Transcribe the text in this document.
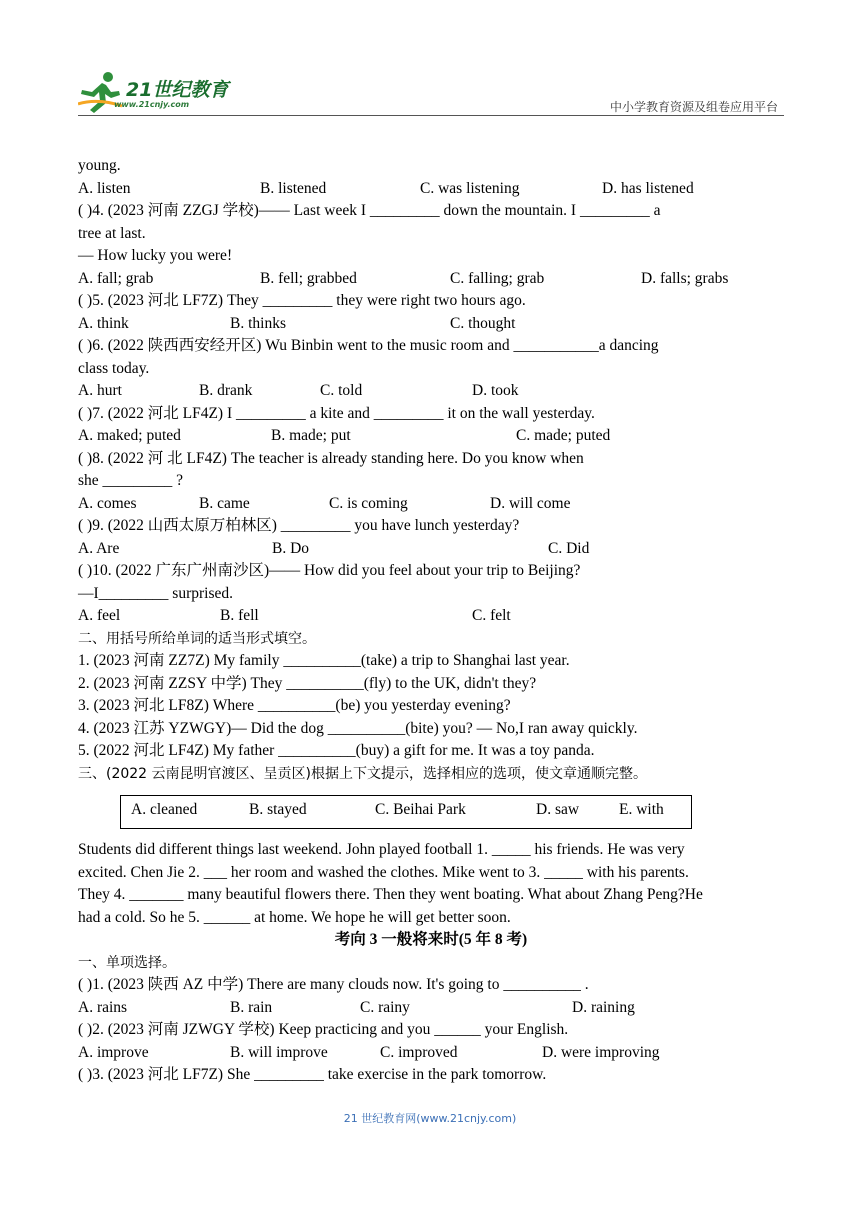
21世纪教育
www.21cnjy.com	中小学教育资源及组卷应用平台
young.
A. listen	B. listened	C. was listening	D. has listened
( )4. (2023 河南 ZZGJ 学校)—— Last week I _________ down the mountain. I _________ a
tree at last.
— How lucky you were!
A. fall; grab	B. fell; grabbed	C. falling; grab	D. falls; grabs
( )5. (2023 河北 LF7Z) They _________ they were right two hours ago.
A. think	B. thinks	C. thought
( )6. (2022 陕西西安经开区) Wu Binbin went to the music room and ___________a dancing
class today.
A. hurt	B. drank	C. told	D. took
( )7. (2022 河北 LF4Z) I _________ a kite and _________ it on the wall yesterday.
A. maked; puted	B. made; put	C. made; puted
( )8. (2022 河 北 LF4Z) The teacher is already standing here. Do you know when
she _________ ?
A. comes	B. came	C. is coming	D. will come
( )9. (2022 山西太原万柏林区) _________ you have lunch yesterday?
A. Are	B. Do	C. Did
( )10. (2022 广东广州南沙区)—— How did you feel about your trip to Beijing?
—I_________ surprised.
A. feel	B. fell	C. felt
二、用括号所给单词的适当形式填空。
1. (2023 河南 ZZ7Z) My family __________(take) a trip to Shanghai last year.
2. (2023 河南 ZZSY 中学) They __________(fly) to the UK, didn't they?
3. (2023 河北 LF8Z) Where __________(be) you yesterday evening?
4. (2023 江苏 YZWGY)— Did the dog __________(bite) you? — No,I ran away quickly.
5. (2022 河北 LF4Z) My father __________(buy) a gift for me. It was a toy panda.
三、(2022 云南昆明官渡区、呈贡区)根据上下文提示，选择相应的选项，使文章通顺完整。
A. cleaned	B. stayed	C. Beihai Park	D. saw	E. with
Students did different things last weekend. John played football 1. _____ his friends. He was very
excited. Chen Jie 2. ___ her room and washed the clothes. Mike went to 3. _____ with his parents.
They 4. _______ many beautiful flowers there. Then they went boating. What about Zhang Peng?He
had a cold. So he 5. ______ at home. We hope he will get better soon.
考向 3 一般将来时(5 年 8 考)
一、单项选择。
( )1. (2023 陕西 AZ 中学) There are many clouds now. It's going to __________ .
A. rains	B. rain	C. rainy	D. raining
( )2. (2023 河南 JZWGY 学校) Keep practicing and you ______ your English.
A. improve	B. will improve	C. improved	D. were improving
( )3. (2023 河北 LF7Z) She _________ take exercise in the park tomorrow.
21 世纪教育网(www.21cnjy.com)
